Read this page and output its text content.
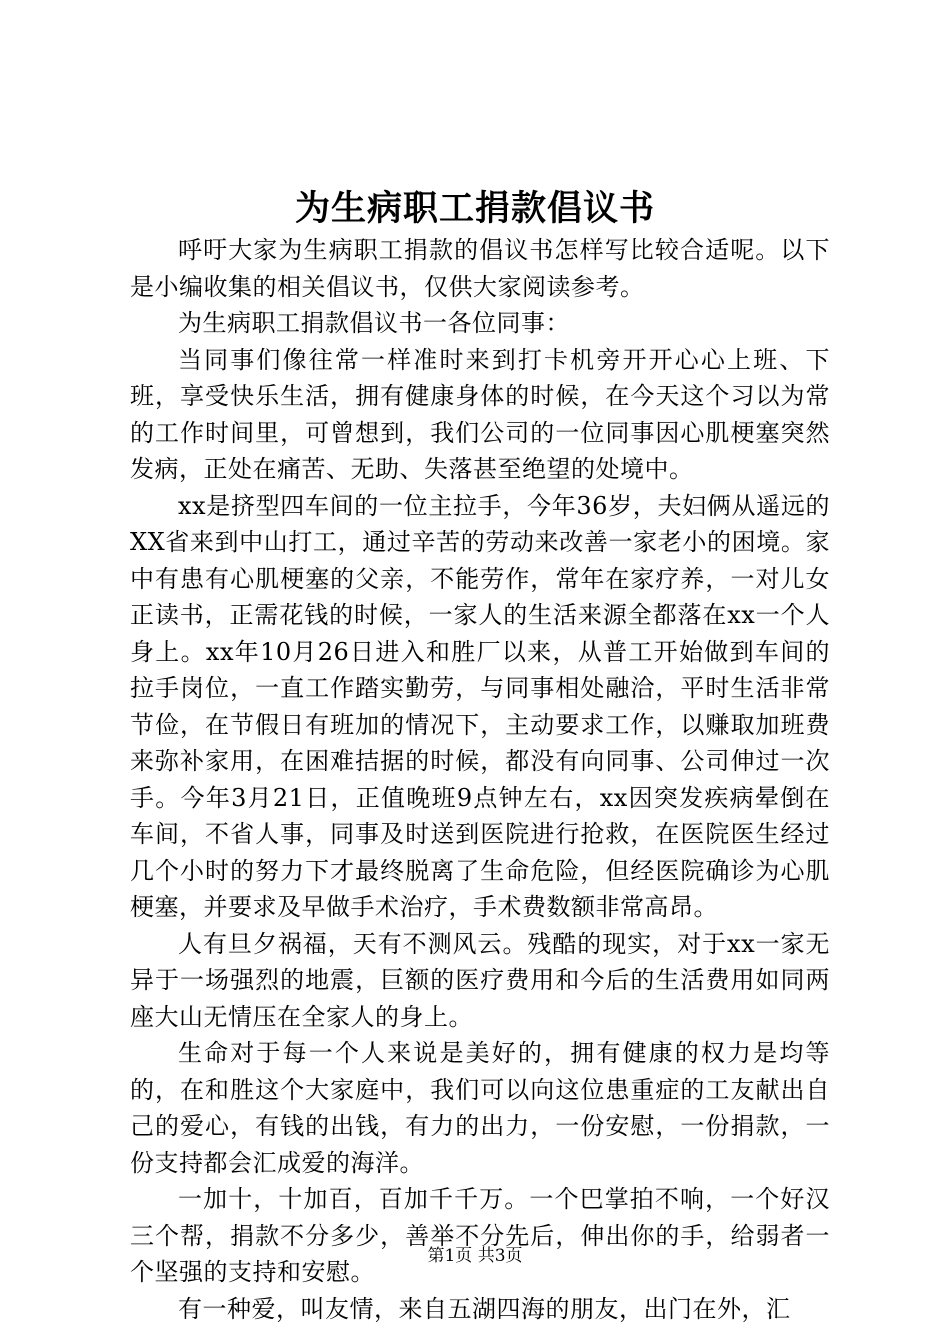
为生病职工捐款倡议书

呼吁大家为生病职工捐款的倡议书怎样写比较合适呢。以下是小编收集的相关倡议书，仅供大家阅读参考。

为生病职工捐款倡议书一各位同事：

当同事们像往常一样准时来到打卡机旁开开心心上班、下班，享受快乐生活，拥有健康身体的时候，在今天这个习以为常的工作时间里，可曾想到，我们公司的一位同事因心肌梗塞突然发病，正处在痛苦、无助、失落甚至绝望的处境中。

xx是挤型四车间的一位主拉手，今年36岁，夫妇俩从遥远的XX省来到中山打工，通过辛苦的劳动来改善一家老小的困境。家中有患有心肌梗塞的父亲，不能劳作，常年在家疗养，一对儿女正读书，正需花钱的时候，一家人的生活来源全都落在xx一个人身上。xx年10月26日进入和胜厂以来，从普工开始做到车间的拉手岗位，一直工作踏实勤劳，与同事相处融洽，平时生活非常节俭，在节假日有班加的情况下，主动要求工作，以赚取加班费来弥补家用，在困难拮据的时候，都没有向同事、公司伸过一次手。今年3月21日，正值晚班9点钟左右，xx因突发疾病晕倒在车间，不省人事，同事及时送到医院进行抢救，在医院医生经过几个小时的努力下才最终脱离了生命危险，但经医院确诊为心肌梗塞，并要求及早做手术治疗，手术费数额非常高昂。

人有旦夕祸福，天有不测风云。残酷的现实，对于xx一家无异于一场强烈的地震，巨额的医疗费用和今后的生活费用如同两座大山无情压在全家人的身上。

生命对于每一个人来说是美好的，拥有健康的权力是均等的，在和胜这个大家庭中，我们可以向这位患重症的工友献出自己的爱心，有钱的出钱，有力的出力，一份安慰，一份捐款，一份支持都会汇成爱的海洋。

一加十，十加百，百加千千万。一个巴掌拍不响，一个好汉三个帮，捐款不分多少，善举不分先后，伸出你的手，给弱者一个坚强的支持和安慰。

有一种爱，叫友情，来自五湖四海的朋友，出门在外，汇

第1页 共3页
